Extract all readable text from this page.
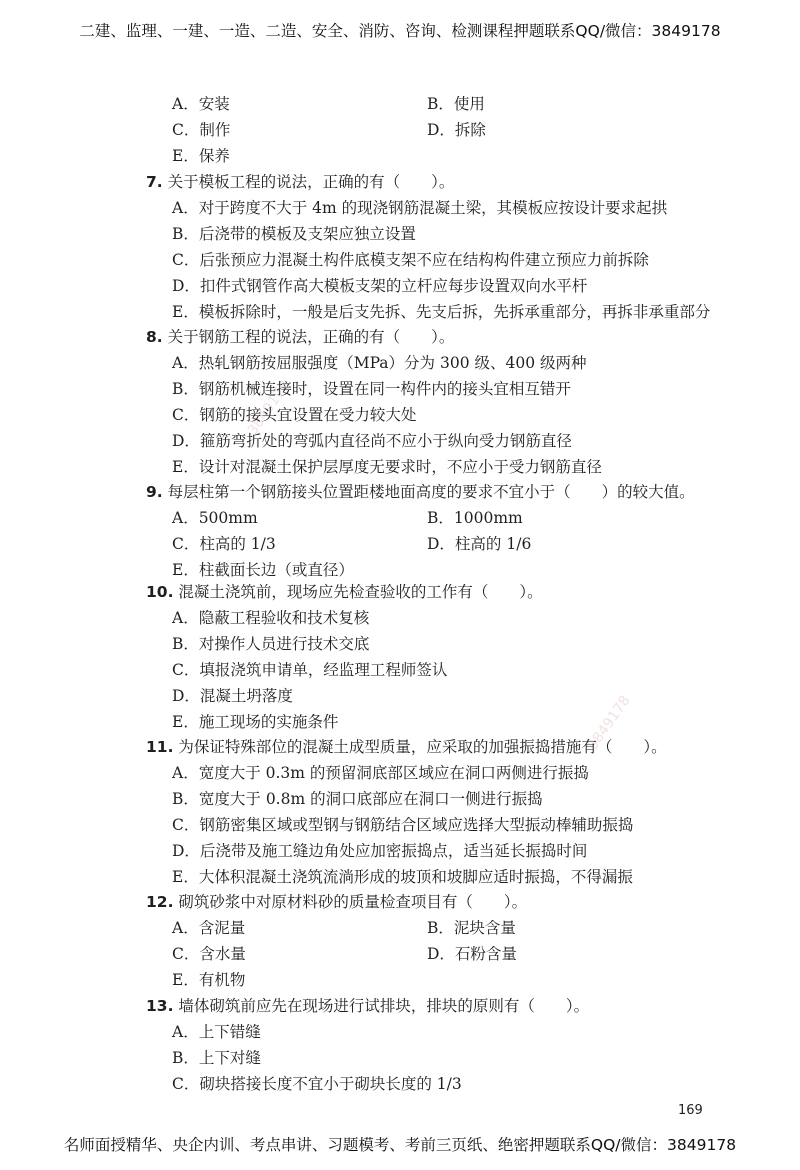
二建、监理、一建、一造、二造、安全、消防、咨询、检测课程押题联系QQ/微信：3849178
3849178
3849178
A．安装	B．使用
C．制作	D．拆除
E．保养
7. 关于模板工程的说法，正确的有（　　）。
A．对于跨度不大于 4m 的现浇钢筋混凝土梁，其模板应按设计要求起拱
B．后浇带的模板及支架应独立设置
C．后张预应力混凝土构件底模支架不应在结构构件建立预应力前拆除
D．扣件式钢管作高大模板支架的立杆应每步设置双向水平杆
E．模板拆除时，一般是后支先拆、先支后拆，先拆承重部分，再拆非承重部分
8. 关于钢筋工程的说法，正确的有（　　）。
A．热轧钢筋按屈服强度（MPa）分为 300 级、400 级两种
B．钢筋机械连接时，设置在同一构件内的接头宜相互错开
C．钢筋的接头宜设置在受力较大处
D．箍筋弯折处的弯弧内直径尚不应小于纵向受力钢筋直径
E．设计对混凝土保护层厚度无要求时，不应小于受力钢筋直径
9. 每层柱第一个钢筋接头位置距楼地面高度的要求不宜小于（　　）的较大值。
A．500mm	B．1000mm
C．柱高的 1/3	D．柱高的 1/6
E．柱截面长边（或直径）
10. 混凝土浇筑前，现场应先检查验收的工作有（　　）。
A．隐蔽工程验收和技术复核
B．对操作人员进行技术交底
C．填报浇筑申请单，经监理工程师签认
D．混凝土坍落度
E．施工现场的实施条件
11. 为保证特殊部位的混凝土成型质量，应采取的加强振捣措施有（　　）。
A．宽度大于 0.3m 的预留洞底部区域应在洞口两侧进行振捣
B．宽度大于 0.8m 的洞口底部应在洞口一侧进行振捣
C．钢筋密集区域或型钢与钢筋结合区域应选择大型振动棒辅助振捣
D．后浇带及施工缝边角处应加密振捣点，适当延长振捣时间
E．大体积混凝土浇筑流淌形成的坡顶和坡脚应适时振捣，不得漏振
12. 砌筑砂浆中对原材料砂的质量检查项目有（　　）。
A．含泥量	B．泥块含量
C．含水量	D．石粉含量
E．有机物
13. 墙体砌筑前应先在现场进行试排块，排块的原则有（　　）。
A．上下错缝
B．上下对缝
C．砌块搭接长度不宜小于砌块长度的 1/3
169
名师面授精华、央企内训、考点串讲、习题模考、考前三页纸、绝密押题联系QQ/微信：3849178
